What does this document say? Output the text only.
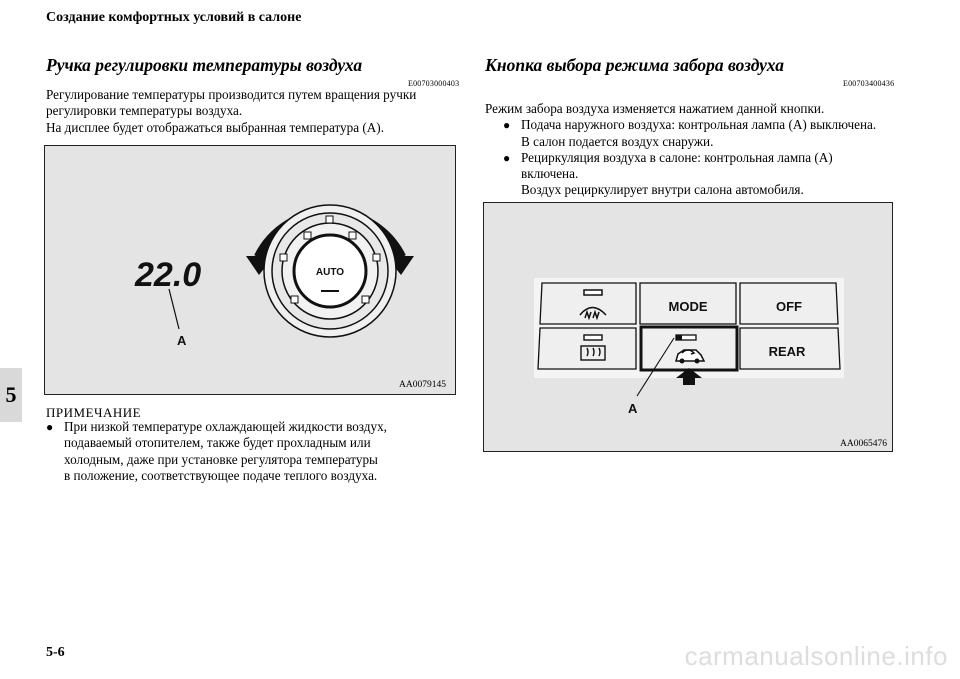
Создание комфортных условий в салоне
5
Ручка регулировки температуры воздуха
E00703000403
Регулирование температуры производится путем вращения ручки
регулировки температуры воздуха.
На дисплее будет отображаться выбранная температура (A).
22.0
A
AUTO
AA0079145
ПРИМЕЧАНИЕ
● При низкой температуре охлаждающей жидкости воздух,
подаваемый отопителем, также будет прохладным или
холодным, даже при установке регулятора температуры
в положение, соответствующее подаче теплого воздуха.
Кнопка выбора режима забора воздуха
E00703400436
Режим забора воздуха изменяется нажатием данной кнопки.
● Подача наружного воздуха: контрольная лампа (A) выключена.
В салон подается воздух снаружи.
● Рециркуляция воздуха в салоне: контрольная лампа (A)
включена.
Воздух рециркулирует внутри салона автомобиля.
MODE	OFF
REAR
A
AA0065476
5-6	carmanualsonline.info
